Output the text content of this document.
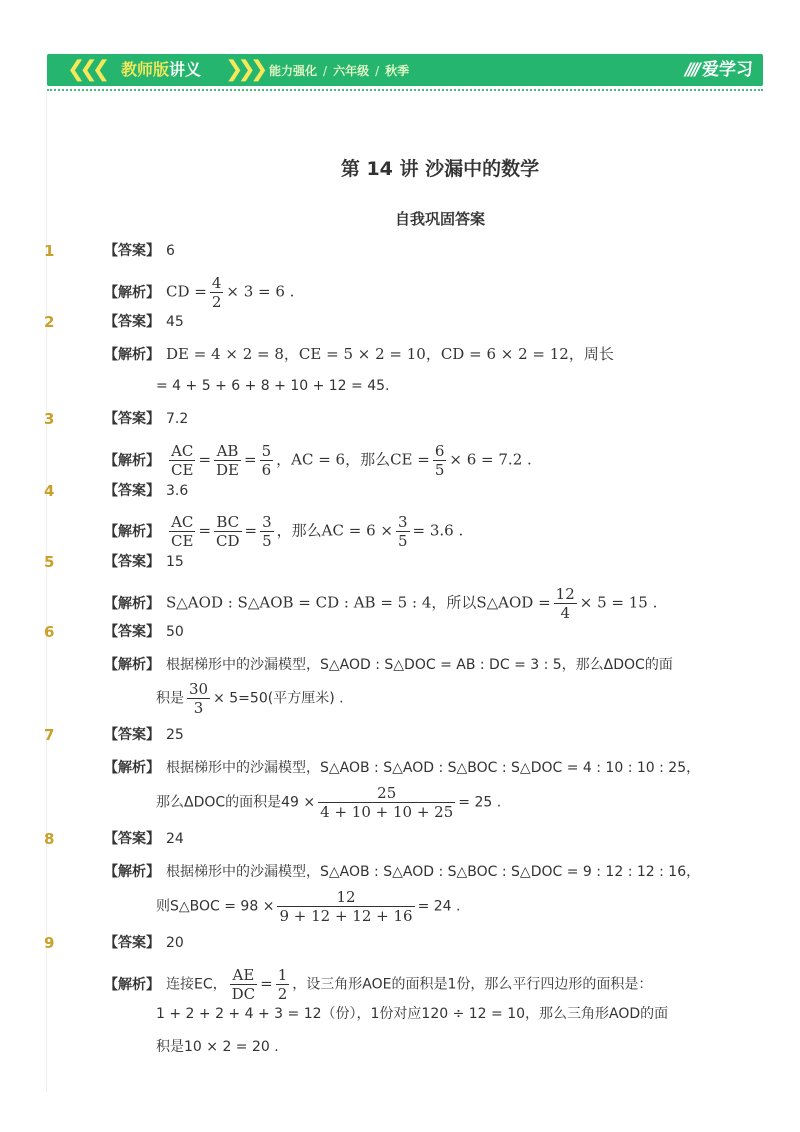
❮❮❮ 教师版讲义 ❯❯❯ 能力强化 / 六年级 / 秋季	//// 爱学习
第 14 讲 沙漏中的数学
自我巩固答案
1	【答案】 6
【解析】 CD = $\frac{4}{2} \times 3 = 6$ .
2	【答案】 45
【解析】 DE = 4 × 2 = 8，CE = 5 × 2 = 10，CD = 6 × 2 = 12，周长
= 4 + 5 + 6 + 8 + 10 + 12 = 45.
3	【答案】 7.2
【解析】 $\frac{AC}{CE} = \frac{AB}{DE} = \frac{5}{6}$ ，AC = 6，那么CE = $\frac{6}{5} \times 6 = 7.2$ .
4	【答案】 3.6
【解析】 $\frac{AC}{CE} = \frac{BC}{CD} = \frac{3}{5}$ ，那么AC = $6 \times \frac{3}{5} = 3.6$ .
5	【答案】 15
【解析】 S△AOD : S△AOB = CD : AB = 5 : 4，所以S△AOD = $\frac{12}{4} \times 5 = 15$ .
6	【答案】 50
【解析】 根据梯形中的沙漏模型，S△AOD : S△DOC = AB : DC = 3 : 5，那么ΔDOC的面
积是 $\frac{30}{3} \times 5=50$(平方厘米) .
7	【答案】 25
【解析】 根据梯形中的沙漏模型，S△AOB : S△AOD : S△BOC : S△DOC = 4 : 10 : 10 : 25，
那么ΔDOC的面积是$49 \times \frac{25}{4 + 10 + 10 + 25} = 25$ .
8	【答案】 24
【解析】 根据梯形中的沙漏模型，S△AOB : S△AOD : S△BOC : S△DOC = 9 : 12 : 12 : 16，
则S△BOC = $98 \times \frac{12}{9 + 12 + 12 + 16} = 24$ .
9	【答案】 20
【解析】 连接EC， $\frac{AE}{DC} = \frac{1}{2}$ ，设三角形AOE的面积是1份，那么平行四边形的面积是：
1 + 2 + 2 + 4 + 3 = 12（份），1份对应120 ÷ 12 = 10，那么三角形AOD的面
积是10 × 2 = 20 .
